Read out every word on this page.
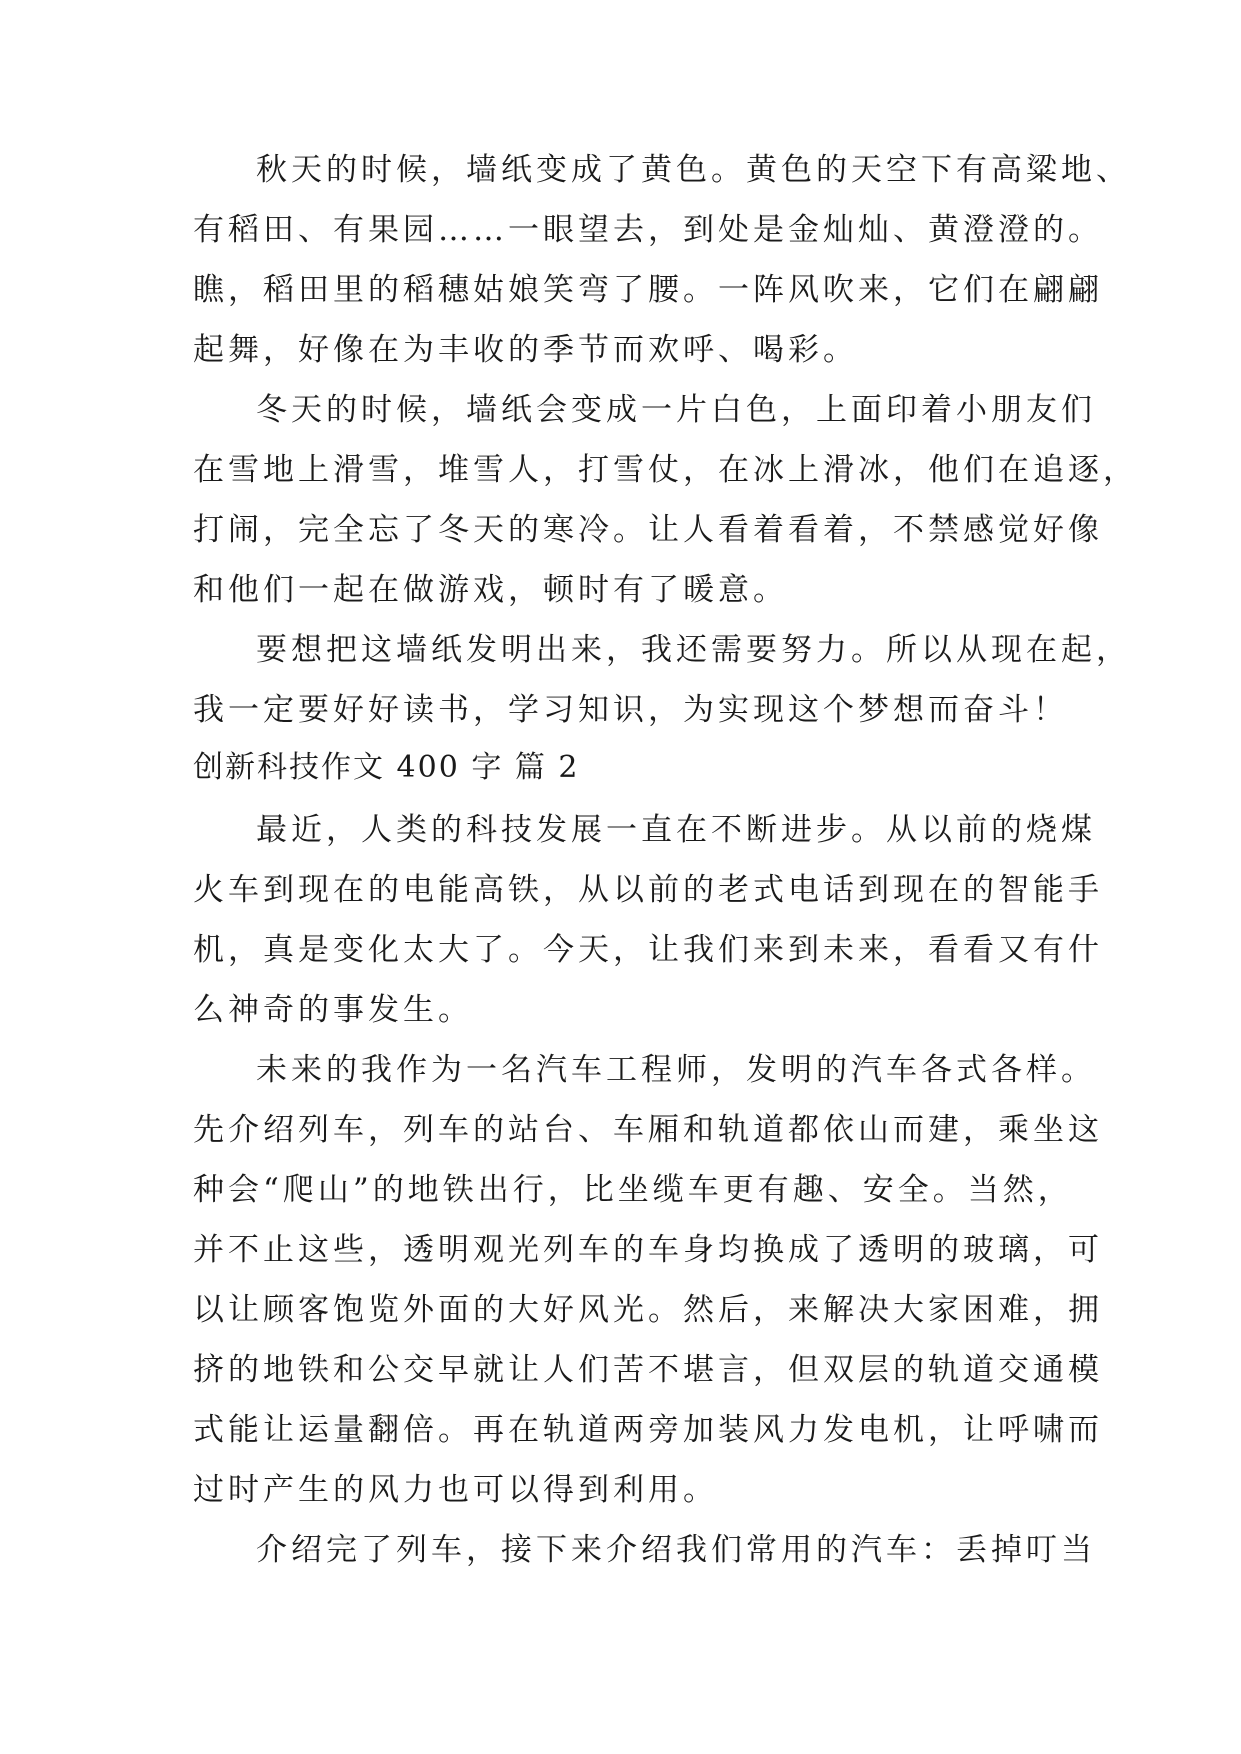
秋天的时候，墙纸变成了黄色。黄色的天空下有高粱地、
有稻田、有果园……一眼望去，到处是金灿灿、黄澄澄的。
瞧，稻田里的稻穗姑娘笑弯了腰。一阵风吹来，它们在翩翩
起舞，好像在为丰收的季节而欢呼、喝彩。
冬天的时候，墙纸会变成一片白色，上面印着小朋友们
在雪地上滑雪，堆雪人，打雪仗，在冰上滑冰，他们在追逐，
打闹，完全忘了冬天的寒冷。让人看着看着，不禁感觉好像
和他们一起在做游戏，顿时有了暖意。
要想把这墙纸发明出来，我还需要努力。所以从现在起，
我一定要好好读书，学习知识，为实现这个梦想而奋斗！
创新科技作文 400 字 篇 2
最近，人类的科技发展一直在不断进步。从以前的烧煤
火车到现在的电能高铁，从以前的老式电话到现在的智能手
机，真是变化太大了。今天，让我们来到未来，看看又有什
么神奇的事发生。
未来的我作为一名汽车工程师，发明的汽车各式各样。
先介绍列车，列车的站台、车厢和轨道都依山而建，乘坐这
种会“爬山”的地铁出行，比坐缆车更有趣、安全。当然，
并不止这些，透明观光列车的车身均换成了透明的玻璃，可
以让顾客饱览外面的大好风光。然后，来解决大家困难，拥
挤的地铁和公交早就让人们苦不堪言，但双层的轨道交通模
式能让运量翻倍。再在轨道两旁加装风力发电机，让呼啸而
过时产生的风力也可以得到利用。
介绍完了列车，接下来介绍我们常用的汽车：丢掉叮当
